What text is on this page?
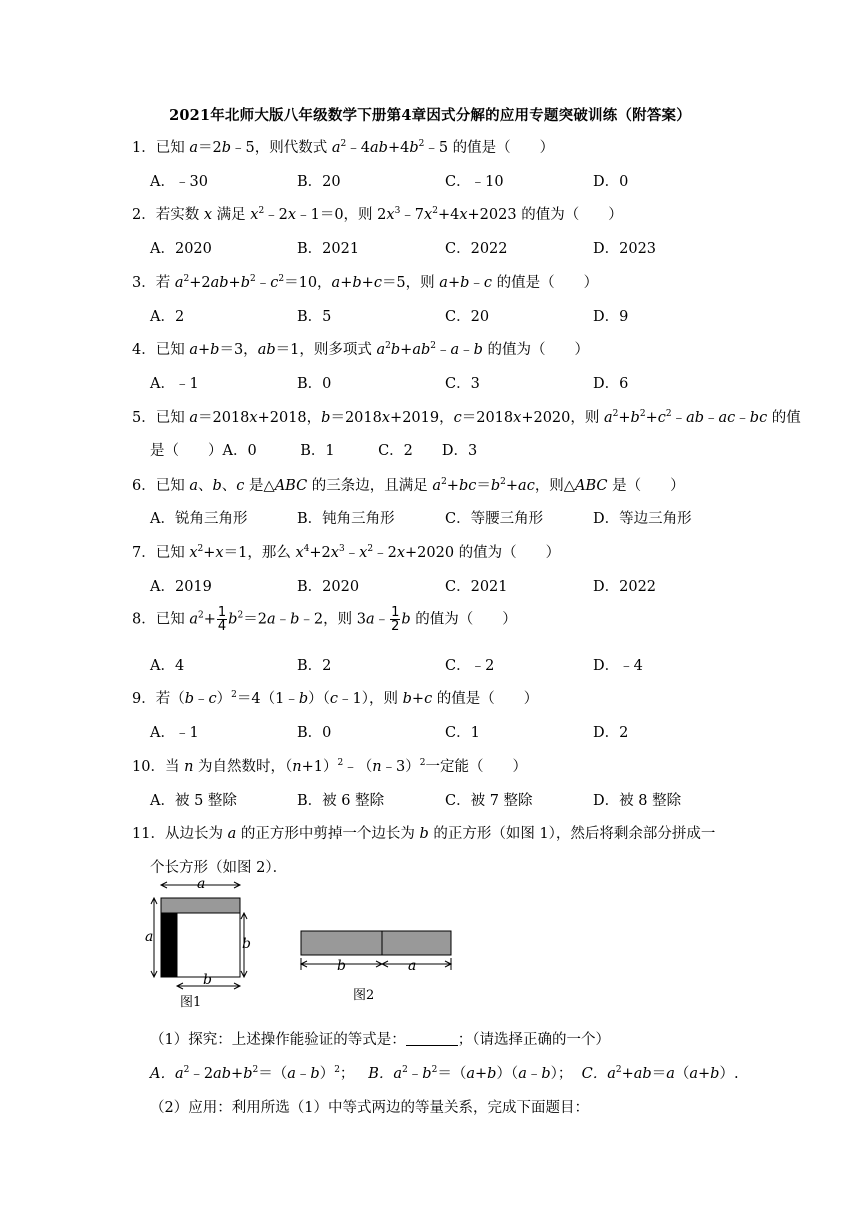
2021年北师大版八年级数学下册第4章因式分解的应用专题突破训练（附答案）
1．已知 a＝2b﹣5，则代数式 $a^2﹣4ab+4b^2﹣5$ 的值是（　　）
A．﹣30	B．20	C．﹣10	D．0
2．若实数 x 满足 $x^2﹣2x﹣1=0$，则 $2x^3﹣7x^2+4x+2023$ 的值为（　　）
A．2020	B．2021	C．2022	D．2023
3．若 $a^2+2ab+b^2﹣c^2=10$，a+b+c＝5，则 a+b﹣c 的值是（　　）
A．2	B．5	C．20	D．9
4．已知 a+b＝3，ab＝1，则多项式 $a^2b+ab^2﹣a﹣b$ 的值为（　　）
A．﹣1	B．0	C．3	D．6
5．已知 a＝2018x+2018，b＝2018x+2019，c＝2018x+2020，则 $a^2+b^2+c^2﹣ab﹣ac﹣bc$ 的值
是（　　）A．0　　　B．1　　　C．2　　D．3
6．已知 a、b、c 是△ABC 的三条边，且满足 $a^2+bc=b^2+ac$，则△ABC 是（　　）
A．锐角三角形	B．钝角三角形	C．等腰三角形	D．等边三角形
7．已知 $x^2+x=1$，那么 $x^4+2x^3﹣x^2﹣2x+2020$ 的值为（　　）
A．2019	B．2020	C．2021	D．2022
8．已知 $a^2+ \frac{1}{4}$ $b^2=2a﹣b﹣2$，则 3a﹣ $\frac{1}{2}$ b 的值为（　　）
A．4	B．2	C．﹣2	D．﹣4
9．若（b﹣c）$^2$＝4（1﹣b）（c﹣1），则 b+c 的值是（　　）
A．﹣1	B．0	C．1	D．2
10．当 n 为自然数时，$(n+1)^2﹣(n﹣3)^2$一定能（　　）
A．被 5 整除	B．被 6 整除	C．被 7 整除	D．被 8 整除
11．从边长为 a 的正方形中剪掉一个边长为 b 的正方形（如图 1），然后将剩余部分拼成一
个长方形（如图 2）．
a
a	b
b
图1
b	a
图2
（1）探究：上述操作能验证的等式是：	；（请选择正确的一个）
A．$a^2﹣2ab+b^2=(a﹣b)^2$； B．$a^2﹣b^2=(a+b)(a﹣b)$； C．$a^2+ab=a(a+b)$.
（2）应用：利用所选（1）中等式两边的等量关系，完成下面题目：
